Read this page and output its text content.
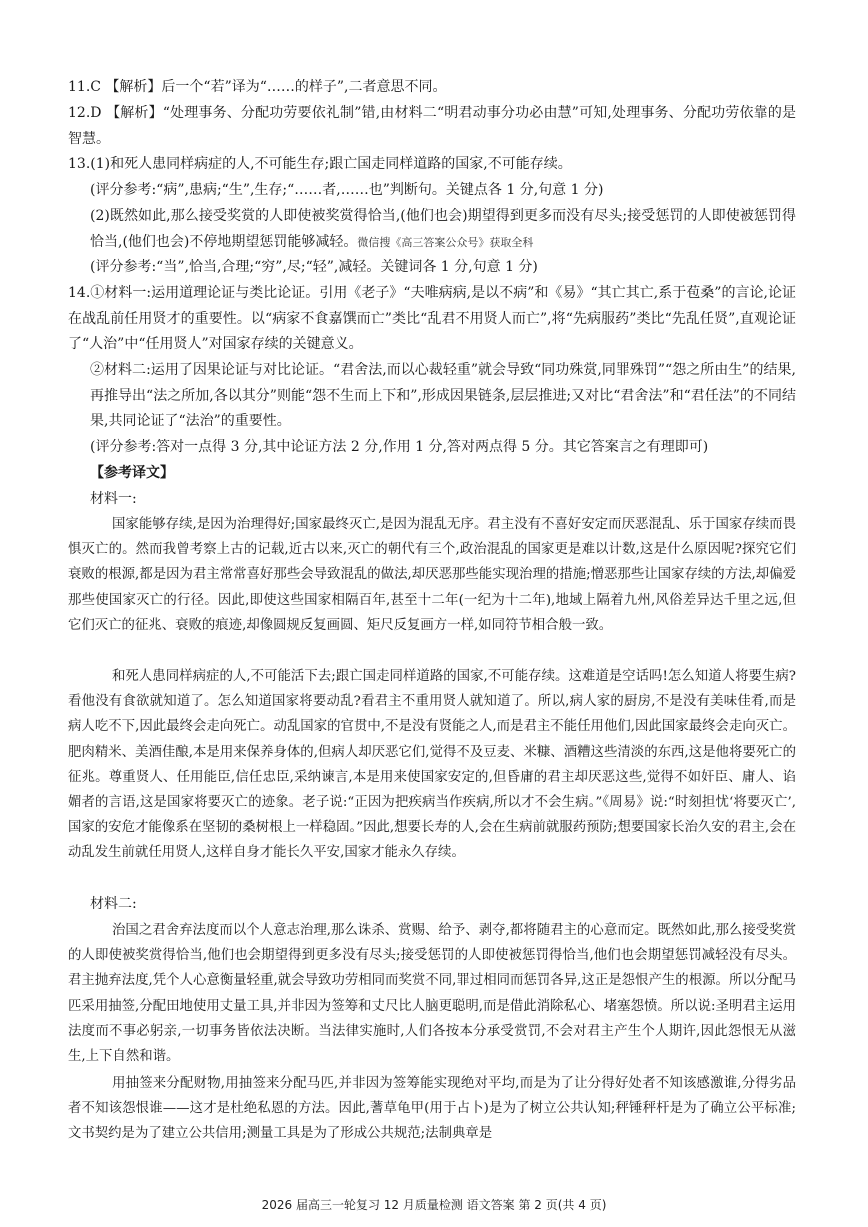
11.C 【解析】后一个“若”译为“……的样子”,二者意思不同。

12.D 【解析】“处理事务、分配功劳要依礼制”错,由材料二“明君动事分功必由慧”可知,处理事务、分配功劳依靠的是智慧。

13.(1)和死人患同样病症的人,不可能生存;跟亡国走同样道路的国家,不可能存续。

(评分参考:“病”,患病;“生”,生存;“……者,……也”判断句。关键点各 1 分,句意 1 分)

(2)既然如此,那么接受奖赏的人即使被奖赏得恰当,(他们也会)期望得到更多而没有尽头;接受惩罚的人即使被惩罚得恰当,(他们也会)不停地期望惩罚能够减轻。微信搜《高三答案公众号》获取全科

(评分参考:“当”,恰当,合理;“穷”,尽;“轻”,减轻。关键词各 1 分,句意 1 分)

14.①材料一:运用道理论证与类比论证。引用《老子》“夫唯病病,是以不病”和《易》“其亡其亡,系于苞桑”的言论,论证在战乱前任用贤才的重要性。以“病家不食嘉馔而亡”类比“乱君不用贤人而亡”,将“先病服药”类比“先乱任贤”,直观论证了“人治”中“任用贤人”对国家存续的关键意义。

②材料二:运用了因果论证与对比论证。“君舍法,而以心裁轻重”就会导致“同功殊赏,同罪殊罚”“怨之所由生”的结果,再推导出“法之所加,各以其分”则能“怨不生而上下和”,形成因果链条,层层推进;又对比“君舍法”和“君任法”的不同结果,共同论证了“法治”的重要性。

(评分参考:答对一点得 3 分,其中论证方法 2 分,作用 1 分,答对两点得 5 分。其它答案言之有理即可)

【参考译文】

材料一:

国家能够存续,是因为治理得好;国家最终灭亡,是因为混乱无序。君主没有不喜好安定而厌恶混乱、乐于国家存续而畏惧灭亡的。然而我曾考察上古的记载,近古以来,灭亡的朝代有三个,政治混乱的国家更是难以计数,这是什么原因呢?探究它们衰败的根源,都是因为君主常常喜好那些会导致混乱的做法,却厌恶那些能实现治理的措施;憎恶那些让国家存续的方法,却偏爱那些使国家灭亡的行径。因此,即使这些国家相隔百年,甚至十二年(一纪为十二年),地域上隔着九州,风俗差异达千里之远,但它们灭亡的征兆、衰败的痕迹,却像圆规反复画圆、矩尺反复画方一样,如同符节相合般一致。

和死人患同样病症的人,不可能活下去;跟亡国走同样道路的国家,不可能存续。这难道是空话吗!怎么知道人将要生病?看他没有食欲就知道了。怎么知道国家将要动乱?看君主不重用贤人就知道了。所以,病人家的厨房,不是没有美味佳肴,而是病人吃不下,因此最终会走向死亡。动乱国家的官贯中,不是没有贤能之人,而是君主不能任用他们,因此国家最终会走向灭亡。肥肉精米、美酒佳酿,本是用来保养身体的,但病人却厌恶它们,觉得不及豆麦、米糠、酒糟这些清淡的东西,这是他将要死亡的征兆。尊重贤人、任用能臣,信任忠臣,采纳谏言,本是用来使国家安定的,但昏庸的君主却厌恶这些,觉得不如奸臣、庸人、谄媚者的言语,这是国家将要灭亡的迹象。老子说:“正因为把疾病当作疾病,所以才不会生病。”《周易》说:“时刻担忧‘将要灭亡’,国家的安危才能像系在坚韧的桑树根上一样稳固。”因此,想要长寿的人,会在生病前就服药预防;想要国家长治久安的君主,会在动乱发生前就任用贤人,这样自身才能长久平安,国家才能永久存续。

材料二:

治国之君舍弃法度而以个人意志治理,那么诛杀、赏赐、给予、剥夺,都将随君主的心意而定。既然如此,那么接受奖赏的人即使被奖赏得恰当,他们也会期望得到更多没有尽头;接受惩罚的人即使被惩罚得恰当,他们也会期望惩罚减轻没有尽头。君主抛弃法度,凭个人心意衡量轻重,就会导致功劳相同而奖赏不同,罪过相同而惩罚各异,这正是怨恨产生的根源。所以分配马匹采用抽签,分配田地使用丈量工具,并非因为签筹和丈尺比人脑更聪明,而是借此消除私心、堵塞怨愤。所以说:圣明君主运用法度而不事必躬亲,一切事务皆依法决断。当法律实施时,人们各按本分承受赏罚,不会对君主产生个人期许,因此怨恨无从滋生,上下自然和谐。

用抽签来分配财物,用抽签来分配马匹,并非因为签筹能实现绝对平均,而是为了让分得好处者不知该感激谁,分得劣品者不知该怨恨谁——这才是杜绝私恩的方法。因此,蓍草龟甲(用于占卜)是为了树立公共认知;秤锤秤杆是为了确立公平标准;文书契约是为了建立公共信用;测量工具是为了形成公共规范;法制典章是

2026 届高三一轮复习 12 月质量检测 语文答案 第 2 页(共 4 页)
